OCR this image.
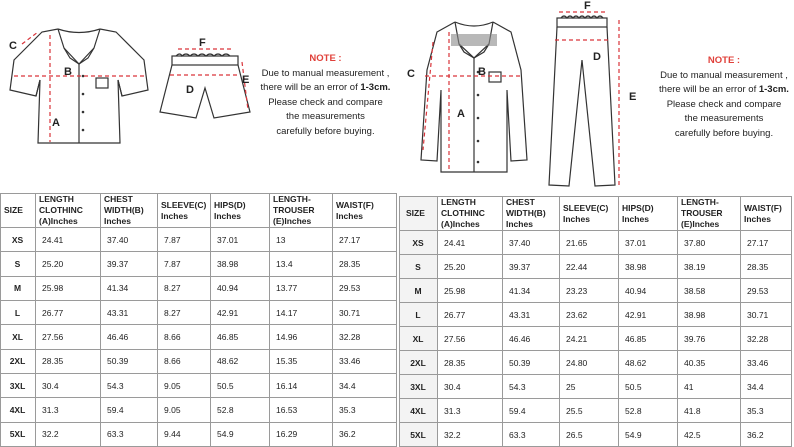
C
B
A
F
D
E
NOTE :
Due to manual measurement ,
there will be an error of 1-3cm.
Please check and compare
the measurements
carefully before buying.
SIZE	LENGTH CLOTHINC (A)Inches	CHEST WIDTH(B) Inches	SLEEVE(C) Inches	HIPS(D) Inches	LENGTH-TROUSER (E)Inches	WAIST(F) Inches
XS	24.41	37.40	7.87	37.01	13	27.17
S	25.20	39.37	7.87	38.98	13.4	28.35
M	25.98	41.34	8.27	40.94	13.77	29.53
L	26.77	43.31	8.27	42.91	14.17	30.71
XL	27.56	46.46	8.66	46.85	14.96	32.28
2XL	28.35	50.39	8.66	48.62	15.35	33.46
3XL	30.4	54.3	9.05	50.5	16.14	34.4
4XL	31.3	59.4	9.05	52.8	16.53	35.3
5XL	32.2	63.3	9.44	54.9	16.29	36.2
C	B
A
F
D
E
NOTE :
Due to manual measurement ,
there will be an error of 1-3cm.
Please check and compare
the measurements
carefully before buying.
SIZE	LENGTH CLOTHINC (A)Inches	CHEST WIDTH(B) Inches	SLEEVE(C) Inches	HIPS(D) Inches	LENGTH-TROUSER (E)Inches	WAIST(F) Inches
XS	24.41	37.40	21.65	37.01	37.80	27.17
S	25.20	39.37	22.44	38.98	38.19	28.35
M	25.98	41.34	23.23	40.94	38.58	29.53
L	26.77	43.31	23.62	42.91	38.98	30.71
XL	27.56	46.46	24.21	46.85	39.76	32.28
2XL	28.35	50.39	24.80	48.62	40.35	33.46
3XL	30.4	54.3	25	50.5	41	34.4
4XL	31.3	59.4	25.5	52.8	41.8	35.3
5XL	32.2	63.3	26.5	54.9	42.5	36.2
